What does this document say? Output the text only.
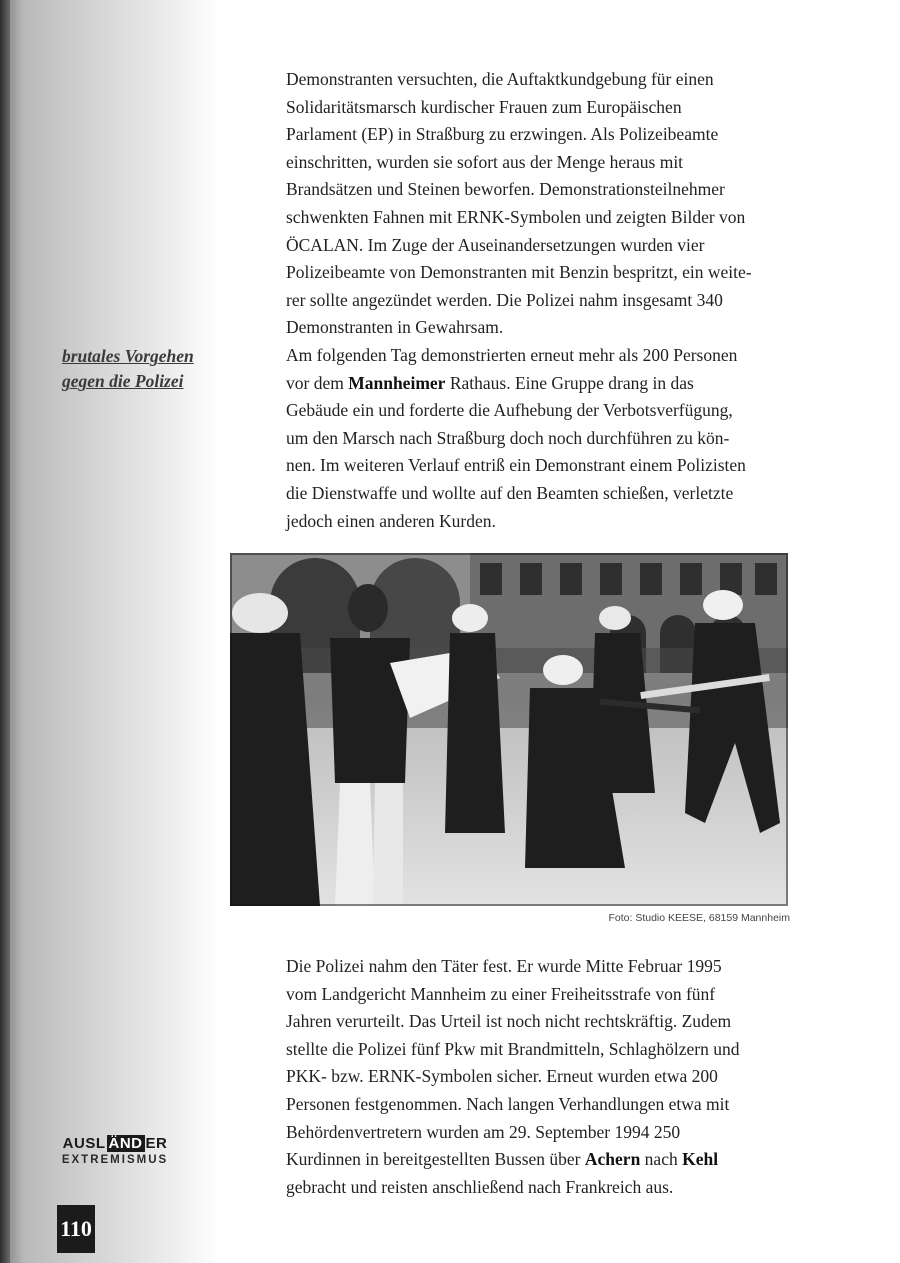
brutales Vorgehen
gegen die Polizei

Demonstranten versuchten, die Auftaktkundgebung für einen
Solidaritätsmarsch kurdischer Frauen zum Europäischen
Parlament (EP) in Straßburg zu erzwingen. Als Polizeibeamte
einschritten, wurden sie sofort aus der Menge heraus mit
Brandsätzen und Steinen beworfen. Demonstrationsteilnehmer
schwenkten Fahnen mit ERNK-Symbolen und zeigten Bilder von
ÖCALAN. Im Zuge der Auseinandersetzungen wurden vier
Polizeibeamte von Demonstranten mit Benzin bespritzt, ein weite-
rer sollte angezündet werden. Die Polizei nahm insgesamt 340
Demonstranten in Gewahrsam.

Am folgenden Tag demonstrierten erneut mehr als 200 Personen
vor dem Mannheimer Rathaus. Eine Gruppe drang in das
Gebäude ein und forderte die Aufhebung der Verbotsverfügung,
um den Marsch nach Straßburg doch noch durchführen zu kön-
nen. Im weiteren Verlauf entriß ein Demonstrant einem Polizisten
die Dienstwaffe und wollte auf den Beamten schießen, verletzte
jedoch einen anderen Kurden.

Foto: Studio KEESE, 68159 Mannheim

Die Polizei nahm den Täter fest. Er wurde Mitte Februar 1995
vom Landgericht Mannheim zu einer Freiheitsstrafe von fünf
Jahren verurteilt. Das Urteil ist noch nicht rechtskräftig. Zudem
stellte die Polizei fünf Pkw mit Brandmitteln, Schlaghölzern und
PKK- bzw. ERNK-Symbolen sicher. Erneut wurden etwa 200
Personen festgenommen. Nach langen Verhandlungen etwa mit
Behördenvertretern wurden am 29. September 1994 250
Kurdinnen in bereitgestellten Bussen über Achern nach Kehl
gebracht und reisten anschließend nach Frankreich aus.

AUSL ÄND ER
EXTREMISMUS
110
